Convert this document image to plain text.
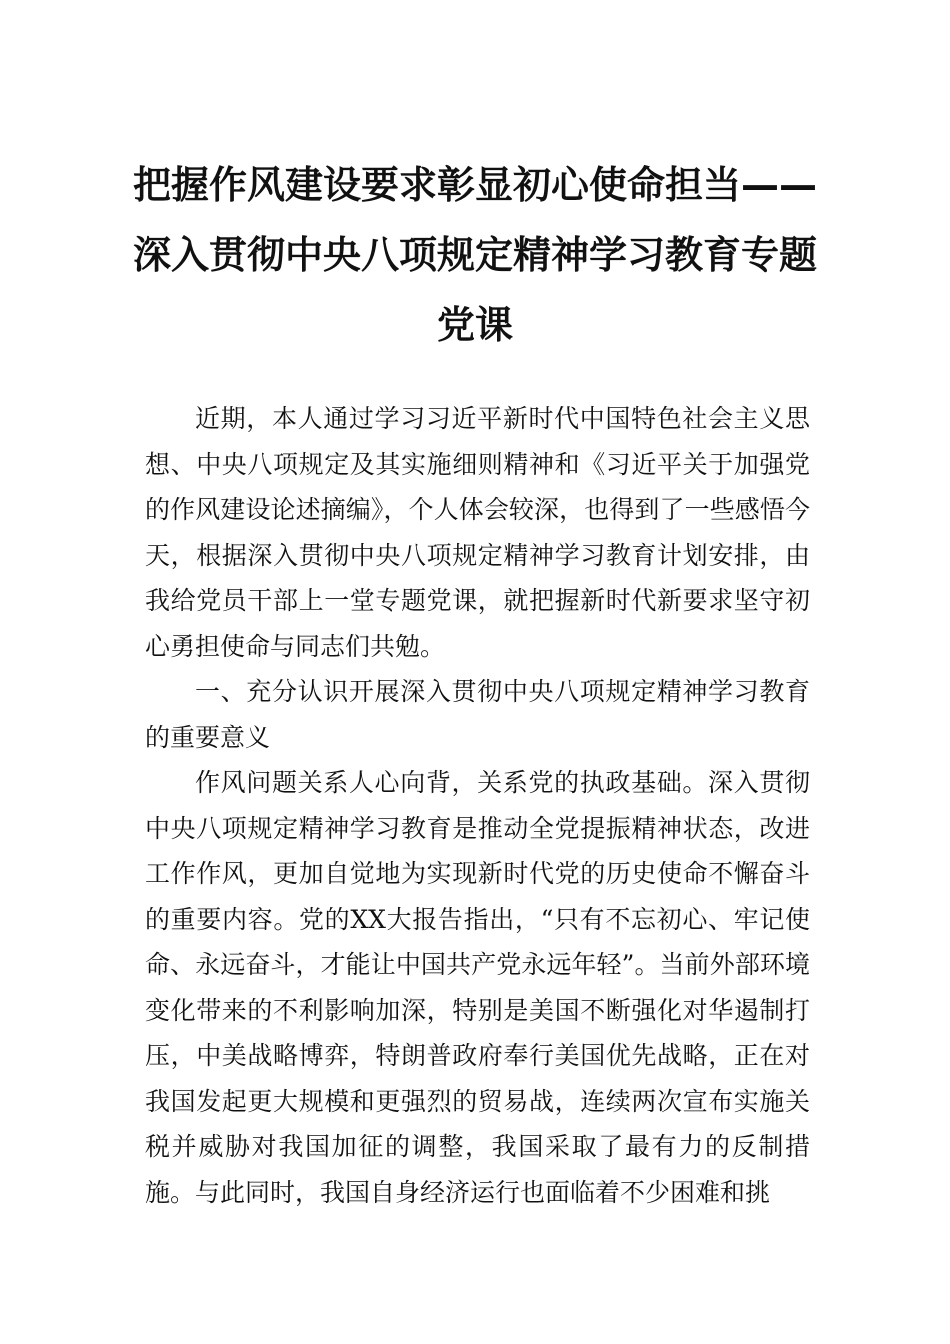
把握作风建设要求彰显初心使命担当——
深入贯彻中央八项规定精神学习教育专题
党课

近期，本人通过学习习近平新时代中国特色社会主义思想、中央八项规定及其实施细则精神和《习近平关于加强党的作风建设论述摘编》，个人体会较深，也得到了一些感悟今天，根据深入贯彻中央八项规定精神学习教育计划安排，由我给党员干部上一堂专题党课，就把握新时代新要求坚守初心勇担使命与同志们共勉。

一、充分认识开展深入贯彻中央八项规定精神学习教育的重要意义

作风问题关系人心向背，关系党的执政基础。深入贯彻中央八项规定精神学习教育是推动全党提振精神状态，改进工作作风，更加自觉地为实现新时代党的历史使命不懈奋斗的重要内容。党的XX大报告指出，“只有不忘初心、牢记使命、永远奋斗，才能让中国共产党永远年轻”。当前外部环境变化带来的不利影响加深，特别是美国不断强化对华遏制打压，中美战略博弈，特朗普政府奉行美国优先战略，正在对我国发起更大规模和更强烈的贸易战，连续两次宣布实施关税并威胁对我国加征的调整，我国采取了最有力的反制措施。与此同时，我国自身经济运行也面临着不少困难和挑
